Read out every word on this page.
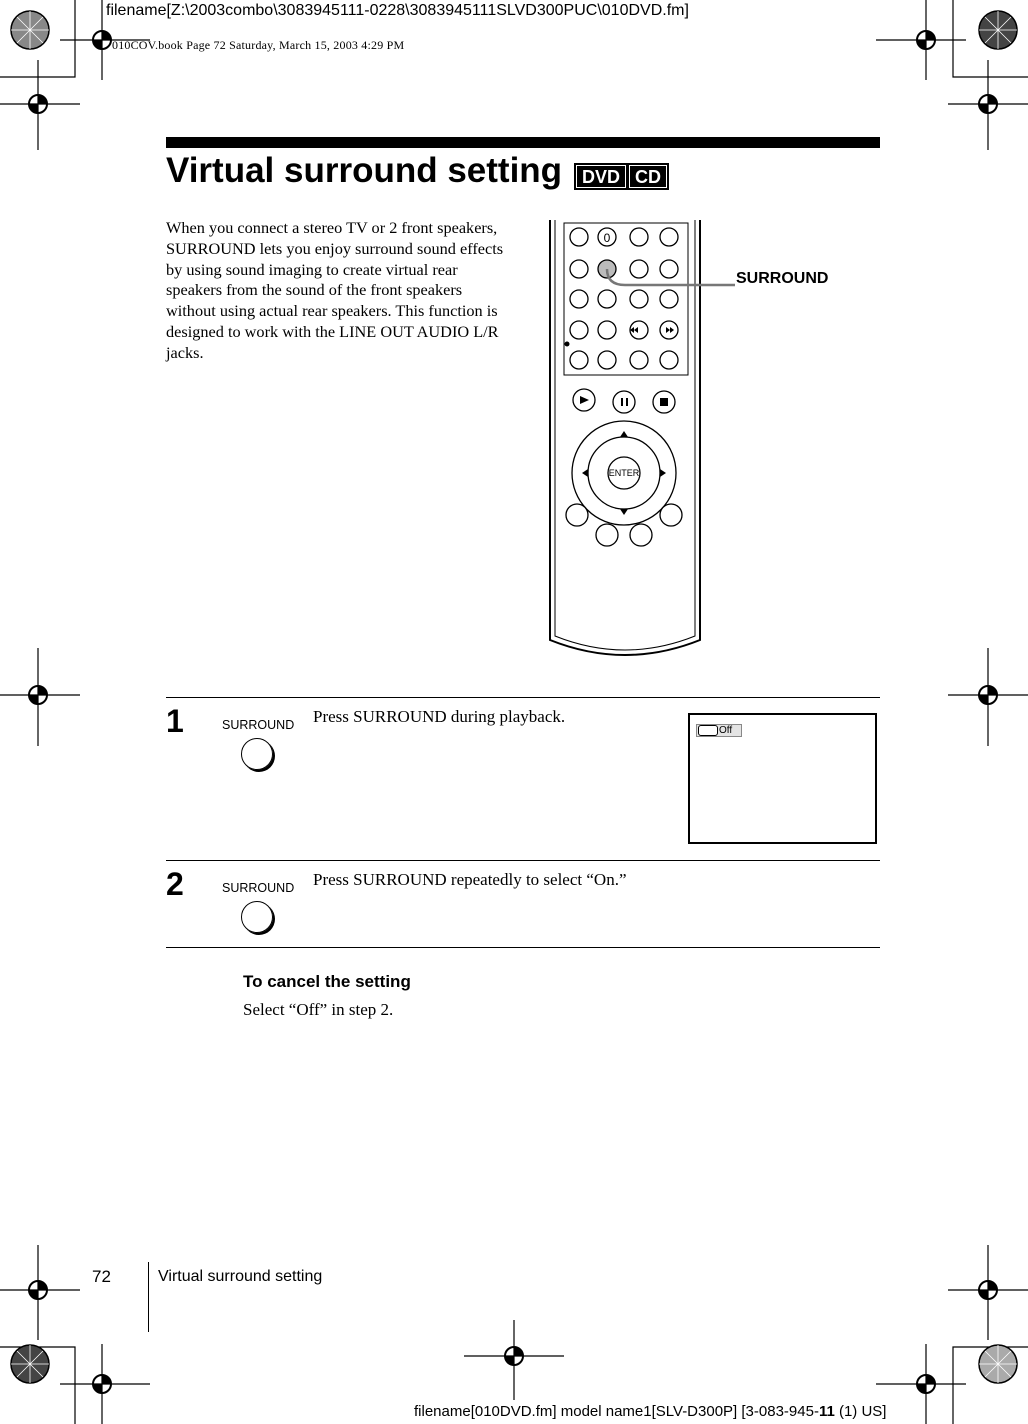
filename[Z:\2003combo\3083945111-0228\3083945111SLVD300PUC\010DVD.fm]
010COV.book Page 72 Saturday, March 15, 2003 4:29 PM
Virtual surround setting	DVD CD
When you connect a stereo TV or 2 front speakers, SURROUND lets you enjoy surround sound effects by using sound imaging to create virtual rear speakers from the sound of the front speakers without using actual rear speakers. This function is designed to work with the LINE OUT AUDIO L/R jacks.
0
ENTER
SURROUND
1	SURROUND Press SURROUND during playback.
Off
2	SURROUND Press SURROUND repeatedly to select “On.”
To cancel the setting
Select “Off” in step 2.
72	Virtual surround setting
filename[010DVD.fm] model name1[SLV-D300P] [3-083-945-11 (1) US]
